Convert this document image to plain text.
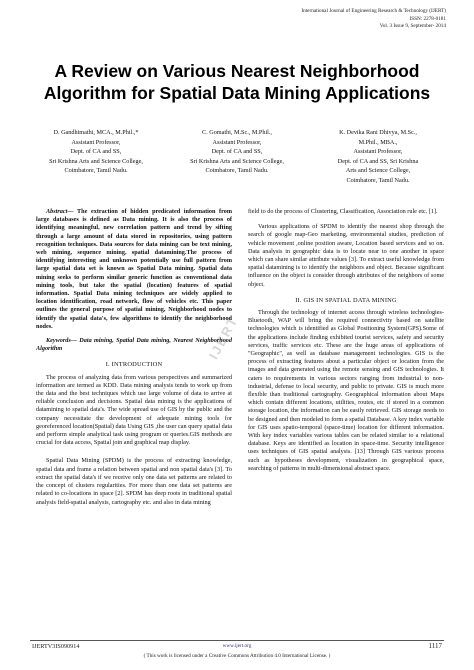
International Journal of Engineering Research & Technology (IJERT)
ISSN: 2278-0181
Vol. 3 Issue 9, September- 2014
A Review on Various Nearest Neighborhood Algorithm for Spatial Data Mining Applications
D. Gandhimathi, MCA., M.Phil.,*
Assistant Professor,
Dept. of CA and SS,
Sri Krishna Arts and Science College,
Coimbatore, Tamil Nadu.
C. Gomathi, M.Sc., M.Phil.,
Assistant Professor,
Dept. of CA and SS,
Sri Krishna Arts and Science College,
Coimbatore, Tamil Nadu.
K. Devika Rani Dhivya, M.Sc.,
M.Phil., MBA.,
Assistant Professor,
Dept. of CA and SS, Sri Krishna
Arts and Science College,
Coimbatore, Tamil Nadu.
IJERT

Abstract— The extraction of hidden predicated information from large databases is defined as Data mining. It is also the process of identifying meaningful, new correlation pattern and trend by sifting through a large amount of data stored in repositories, using pattern recognition techniques. Data sources for data mining can be text mining, web mining, sequence mining, spatial datamining.The process of identifying interesting and unknown potentially use full pattern from large spatial data set is known as Spatial Data mining. Spatial data mining seeks to perform similar generic function as conventional data mining tools, but take the spatial (location) features of spatial information. Spatial Data mining techniques are widely applied to location identification, road network, flow of vehicles etc. This paper outlines the general purpose of spatial mining, Neighborhood nodes to identify the spatial data's, few algorithms to identify the neighborhood nodes.

Keywords— Data mining, Spatial Data mining, Nearest Neighborhood Algorithm

I. INTRODUCTION

The process of analyzing data from various perspectives and summarized information are termed as KDD. Data mining analysis tends to work up from the data and the best techniques which use large volume of data to arrive at reliable conclusion and decisions. Spatial data mining is the applications of datamining to spatial data's. The wide spread use of GIS by the public and the company necessitate the development of adequate mining tools for georeferenced location(Spatial) data Using GIS ,the user can query spatial data and perform simple analytical task using program or queries.GIS methods are crucial for data access, Spatial join and graphical map display.

Spatial Data Mining (SPDM) is the process of extracting knowledge, spatial data and frame a relation between spatial and non spatial data's [3]. To extract the spatial data's if we receive only one data set patterns are related to the concept of clusters regularities. For more than one data set patterns are related to co-locations in space [2]. SPDM has deep roots in traditional spatial analysis field-spatial analysis, cartography etc. and also in data mining

field to do the process of Clustering, Classification, Association rule etc. [1].

Various applications of SPDM to identify the nearest shop through the search of google map-Geo marketing, environmental studies, prediction of vehicle movement ,online position aware, Location based services and so on. Data analysis in geographic data is to locate near to one another in space which can share similar attribute values [3]. To extract useful knowledge from spatial datamining is to identify the neighbors and object. Because significant influence on the object is consider through attributes of the neighbors of some object.

II. GIS IN SPATIAL DATA MINING

Through the technology of internet access through wireless technologies-Bluetooth, WAP will bring the required connectivity based on satellite technologies which is identified as Global Positioning System(GPS).Some of the applications include finding exhibited tourist services, safety and security services, traffic services etc. These are the huge areas of applications of "Geographic", as well as database management technologies. GIS is the process of extracting features about a particular object or location from the images and data generated using the remote sensing and GIS technologies. It caters to requirements in various sectors ranging from industrial to non-industrial, defense to local security, and public to private. GIS is much more flexible than traditional cartography. Geographical information about Maps which contain different locations, utilities, routes, etc if stored in a common storage location, the information can be easily retrieved. GIS storage needs to be designed and then modeled to form a spatial Database. A key index variable for GIS uses spatio-temporal (space-time) location for different information. With key index variables various tables can be related similar to a relational database. Keys are identified as location in space-time. Security intelligence uses techniques of GIS spatial analysis. [13] Through GIS various process such as hypotheses development, visualization in geographical space, searching of patterns in multi-dimensional abstract space.

IJERTV3IS090914	www.ijert.org	1117
( This work is licensed under a Creative Commons Attribution 4.0 International License. )
